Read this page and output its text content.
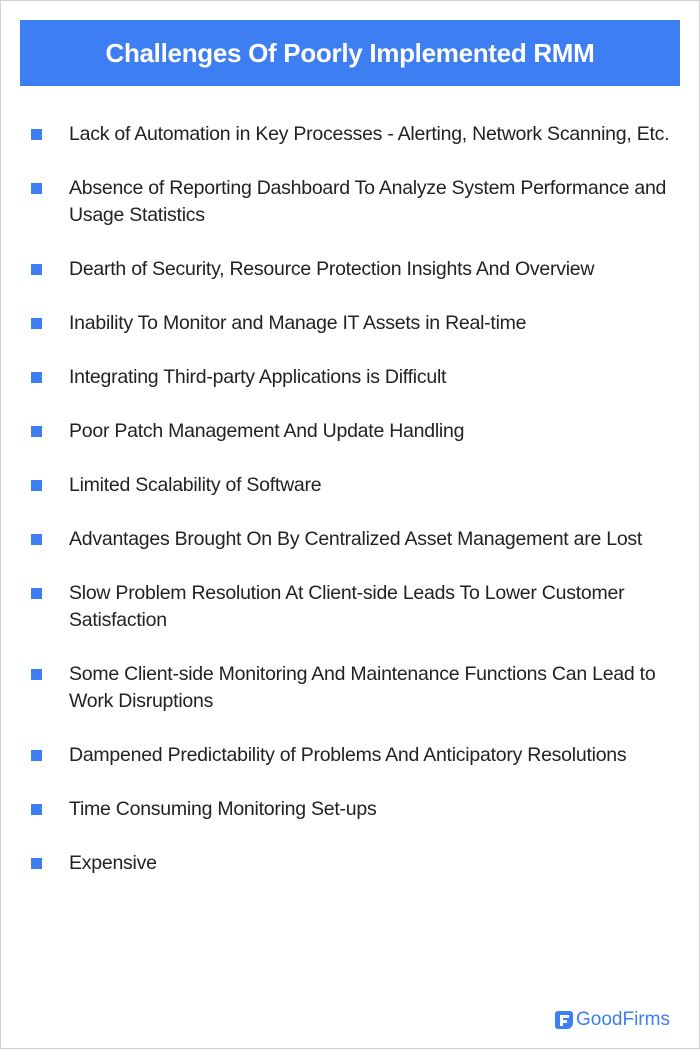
Challenges Of Poorly Implemented RMM
Lack of Automation in Key Processes - Alerting, Network Scanning, Etc.
Absence of Reporting Dashboard To Analyze System Performance and Usage Statistics
Dearth of Security, Resource Protection Insights And Overview
Inability To Monitor and Manage IT Assets in Real-time
Integrating Third-party Applications is Difficult
Poor Patch Management And Update Handling
Limited Scalability of Software
Advantages Brought On By Centralized Asset Management are Lost
Slow Problem Resolution At Client-side Leads To Lower Customer Satisfaction
Some Client-side Monitoring And Maintenance Functions Can Lead to Work Disruptions
Dampened Predictability of Problems And Anticipatory Resolutions
Time Consuming Monitoring Set-ups
Expensive
GoodFirms
